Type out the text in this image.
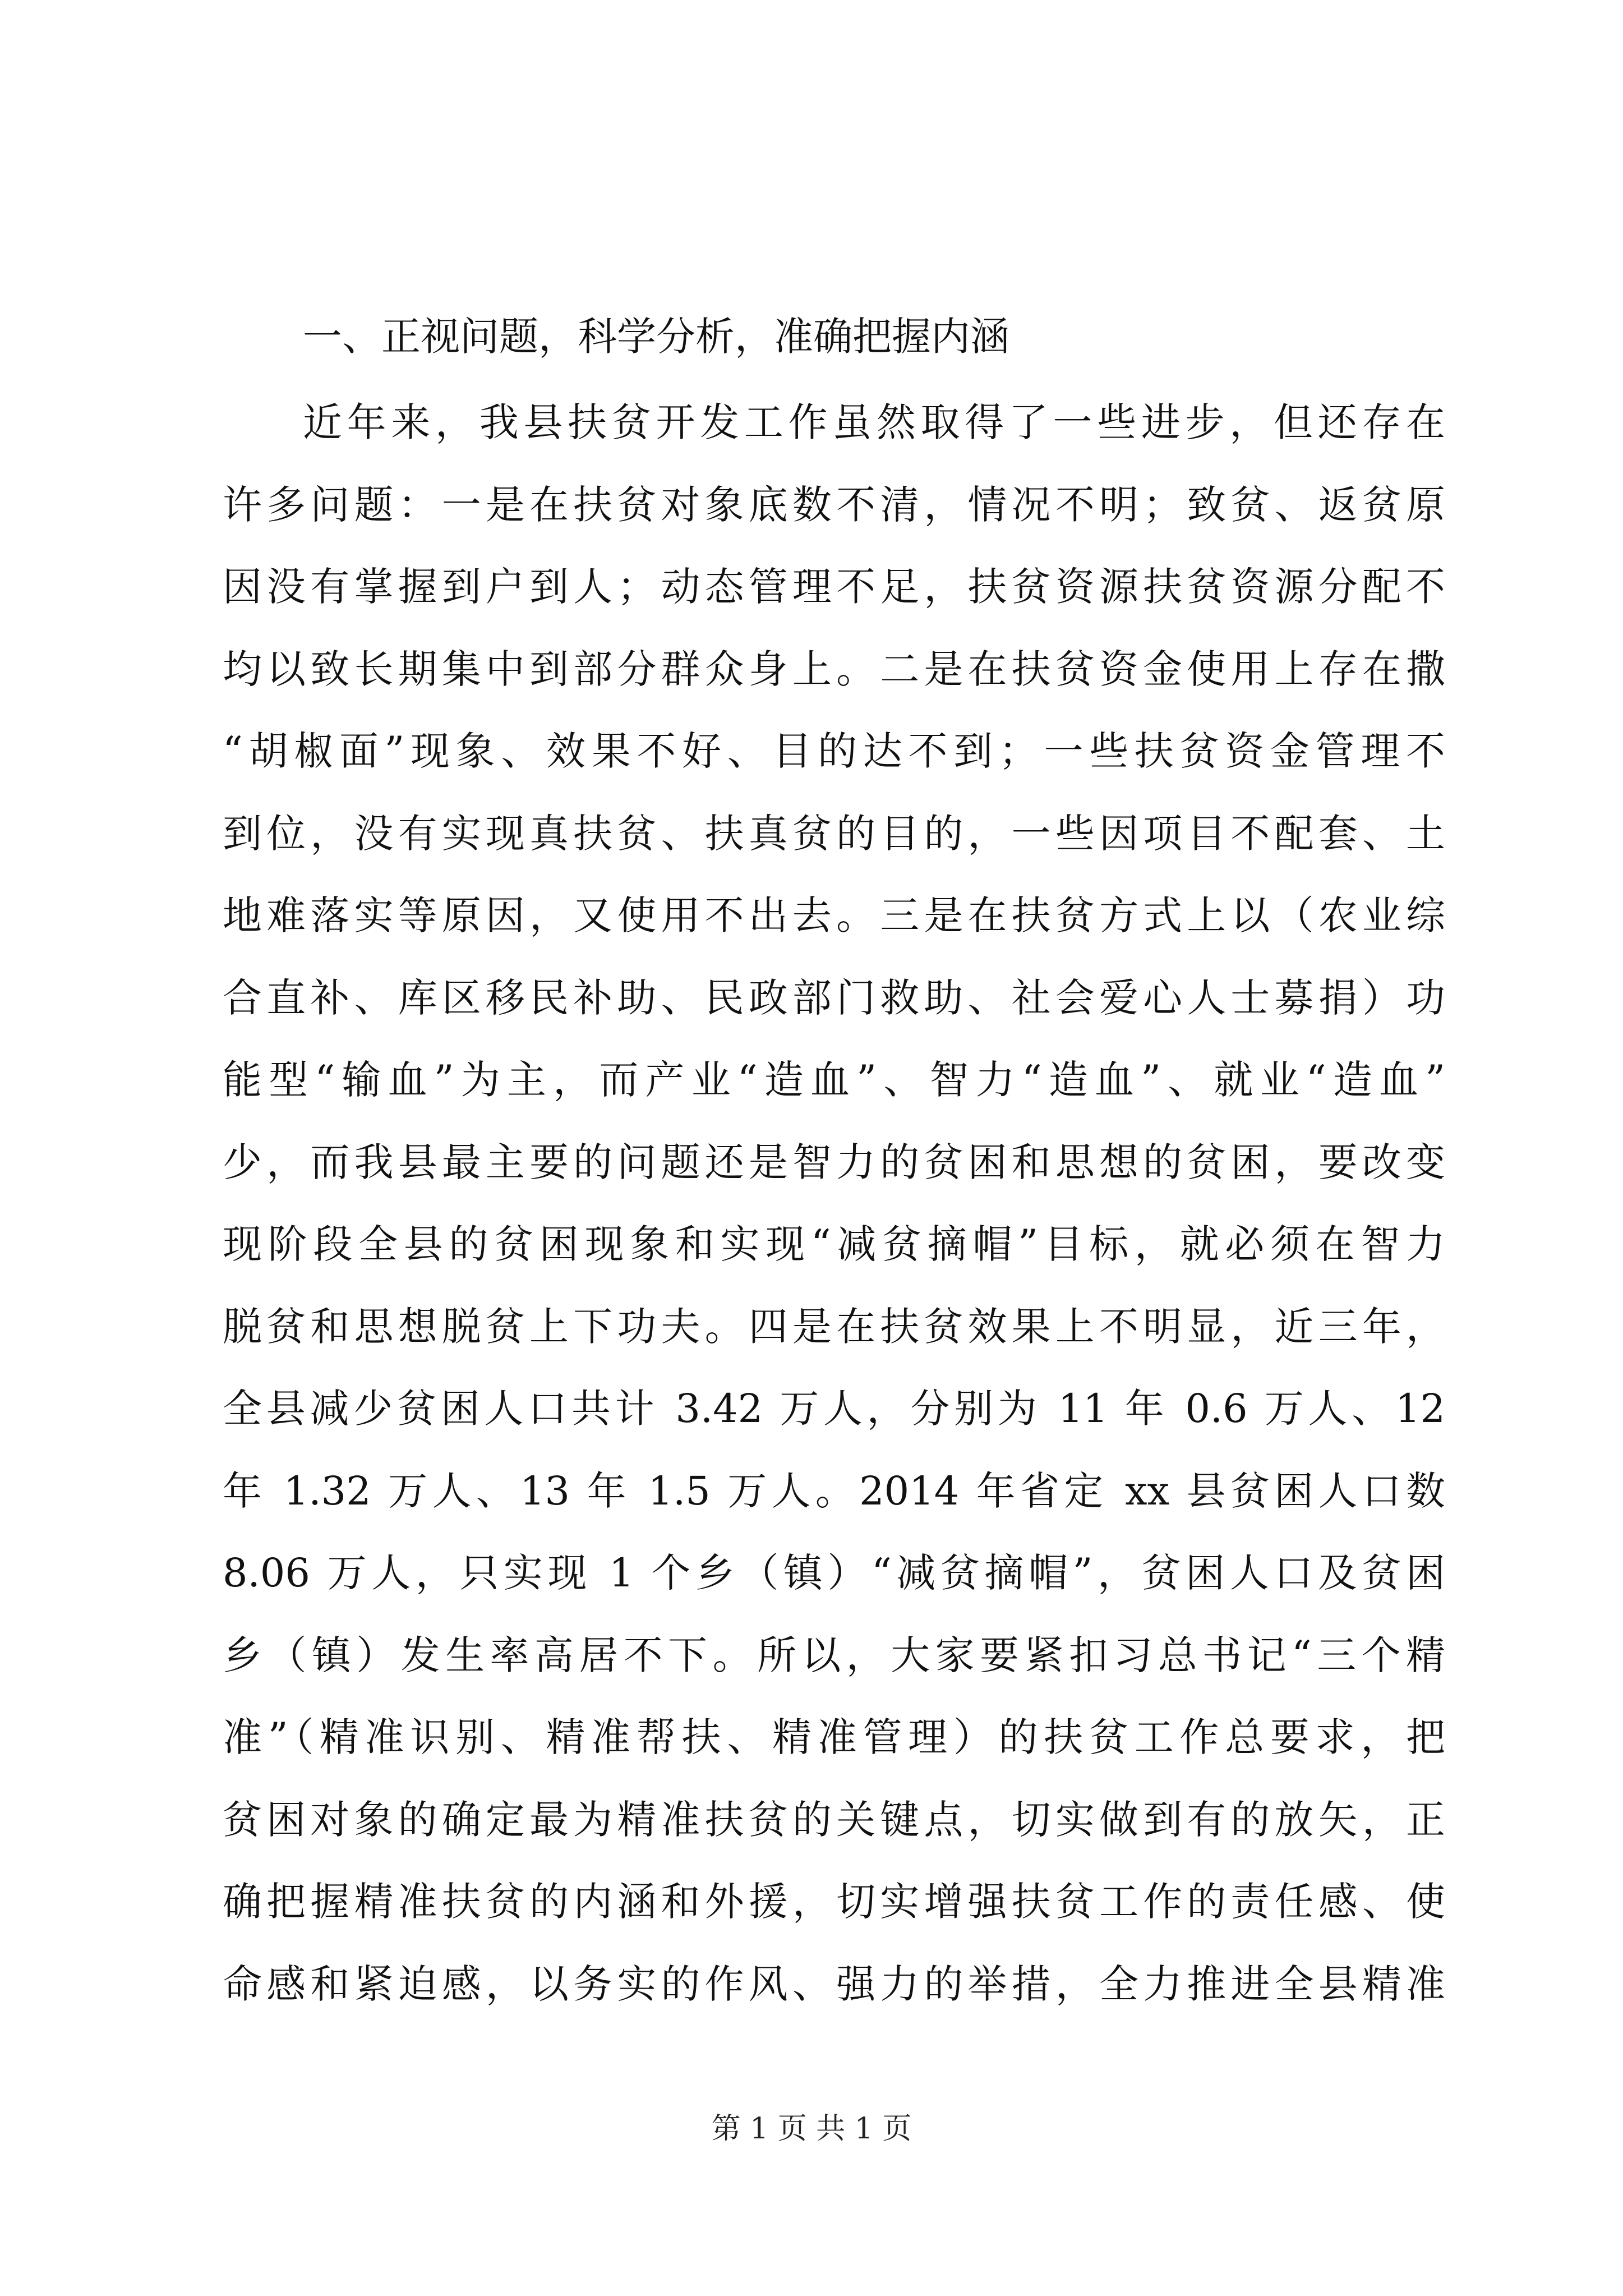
一、正视问题，科学分析，准确把握内涵
近年来，我县扶贫开发工作虽然取得了一些进步，但还存在
许多问题：一是在扶贫对象底数不清，情况不明；致贫、返贫原
因没有掌握到户到人；动态管理不足，扶贫资源扶贫资源分配不
均以致长期集中到部分群众身上。二是在扶贫资金使用上存在撒
“胡椒面”现象、效果不好、目的达不到；一些扶贫资金管理不
到位，没有实现真扶贫、扶真贫的目的，一些因项目不配套、土
地难落实等原因，又使用不出去。三是在扶贫方式上以（农业综
合直补、库区移民补助、民政部门救助、社会爱心人士募捐）功
能型“输血”为主，而产业“造血”、智力“造血”、就业“造血”
少，而我县最主要的问题还是智力的贫困和思想的贫困，要改变
现阶段全县的贫困现象和实现“减贫摘帽”目标，就必须在智力
脱贫和思想脱贫上下功夫。四是在扶贫效果上不明显，近三年，
全县减少贫困人口共计 3.42 万人，分别为 11 年 0.6 万人、12
年 1.32 万人、13 年 1.5 万人。2014 年省定 xx 县贫困人口数
8.06 万人，只实现 1 个乡（镇）“减贫摘帽”，贫困人口及贫困
乡（镇）发生率高居不下。所以，大家要紧扣习总书记“三个精
准”（精准识别、精准帮扶、精准管理）的扶贫工作总要求，把
贫困对象的确定最为精准扶贫的关键点，切实做到有的放矢，正
确把握精准扶贫的内涵和外援，切实增强扶贫工作的责任感、使
命感和紧迫感，以务实的作风、强力的举措，全力推进全县精准
第 1 页 共 1 页
